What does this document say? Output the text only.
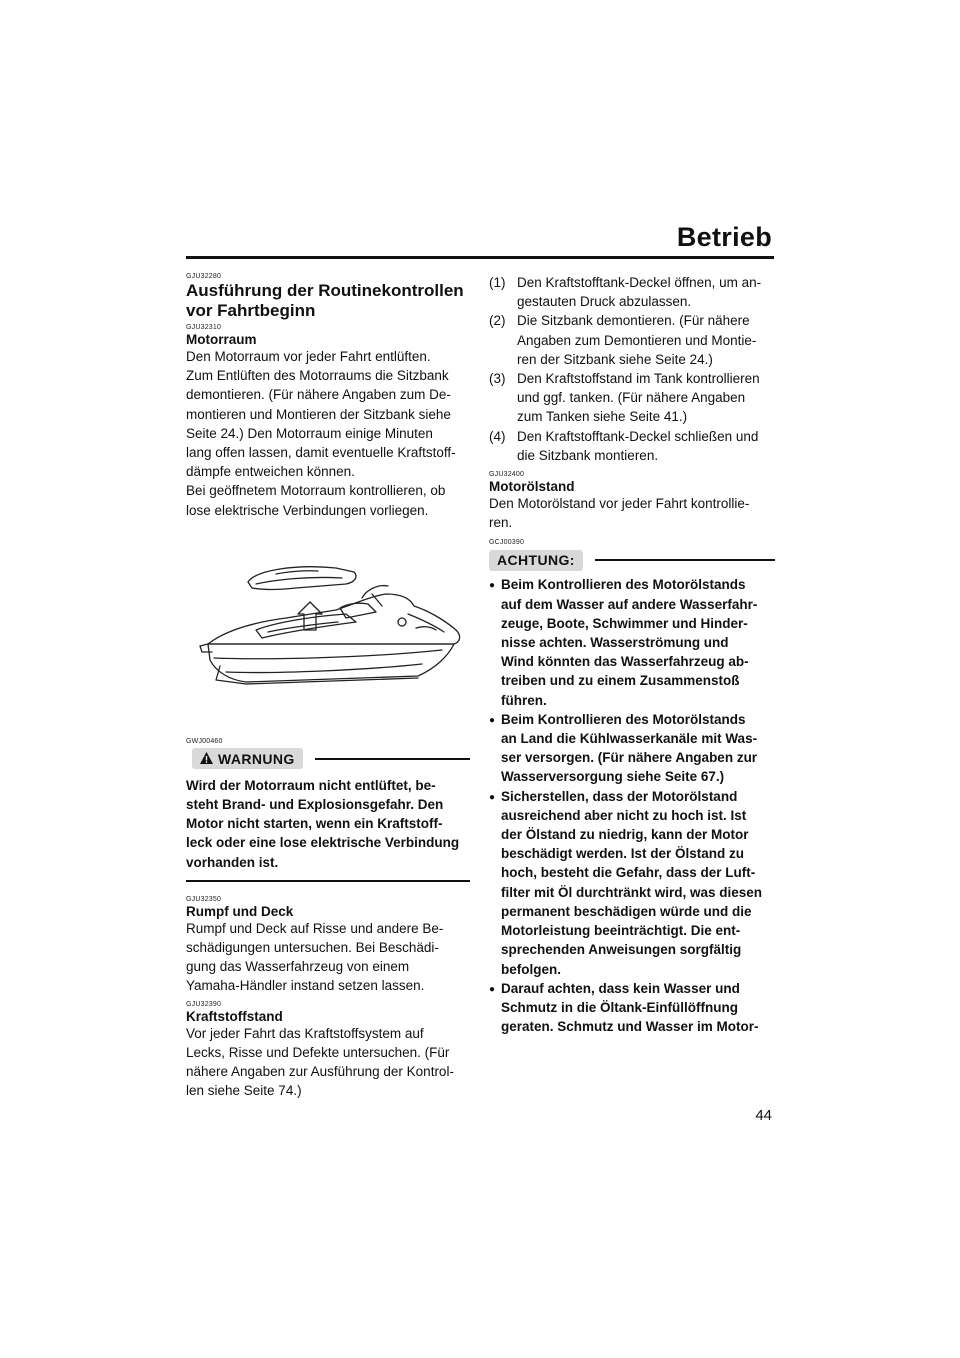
Betrieb
GJU32280
Ausführung der Routinekontrollen
vor Fahrtbeginn
GJU32310
Motorraum
Den Motorraum vor jeder Fahrt entlüften.
Zum Entlüften des Motorraums die Sitzbank
demontieren. (Für nähere Angaben zum De-
montieren und Montieren der Sitzbank siehe
Seite 24.) Den Motorraum einige Minuten
lang offen lassen, damit eventuelle Kraftstoff-
dämpfe entweichen können.
Bei geöffnetem Motorraum kontrollieren, ob
lose elektrische Verbindungen vorliegen.
GWJ00460
WARNUNG
Wird der Motorraum nicht entlüftet, be-
steht Brand- und Explosionsgefahr. Den
Motor nicht starten, wenn ein Kraftstoff-
leck oder eine lose elektrische Verbindung
vorhanden ist.
GJU32350
Rumpf und Deck
Rumpf und Deck auf Risse und andere Be-
schädigungen untersuchen. Bei Beschädi-
gung das Wasserfahrzeug von einem
Yamaha-Händler instand setzen lassen.
GJU32390
Kraftstoffstand
Vor jeder Fahrt das Kraftstoffsystem auf
Lecks, Risse und Defekte untersuchen. (Für
nähere Angaben zur Ausführung der Kontrol-
len siehe Seite 74.)
(1) Den Kraftstofftank-Deckel öffnen, um an-
gestauten Druck abzulassen.
(2) Die Sitzbank demontieren. (Für nähere
Angaben zum Demontieren und Montie-
ren der Sitzbank siehe Seite 24.)
(3) Den Kraftstoffstand im Tank kontrollieren
und ggf. tanken. (Für nähere Angaben
zum Tanken siehe Seite 41.)
(4) Den Kraftstofftank-Deckel schließen und
die Sitzbank montieren.
GJU32400
Motorölstand
Den Motorölstand vor jeder Fahrt kontrollie-
ren.
GCJ00390
ACHTUNG:
● Beim Kontrollieren des Motorölstands
auf dem Wasser auf andere Wasserfahr-
zeuge, Boote, Schwimmer und Hinder-
nisse achten. Wasserströmung und
Wind könnten das Wasserfahrzeug ab-
treiben und zu einem Zusammenstoß
führen.
● Beim Kontrollieren des Motorölstands
an Land die Kühlwasserkanäle mit Was-
ser versorgen. (Für nähere Angaben zur
Wasserversorgung siehe Seite 67.)
● Sicherstellen, dass der Motorölstand
ausreichend aber nicht zu hoch ist. Ist
der Ölstand zu niedrig, kann der Motor
beschädigt werden. Ist der Ölstand zu
hoch, besteht die Gefahr, dass der Luft-
filter mit Öl durchtränkt wird, was diesen
permanent beschädigen würde und die
Motorleistung beeinträchtigt. Die ent-
sprechenden Anweisungen sorgfältig
befolgen.
● Darauf achten, dass kein Wasser und
Schmutz in die Öltank-Einfüllöffnung
geraten. Schmutz und Wasser im Motor-
44
